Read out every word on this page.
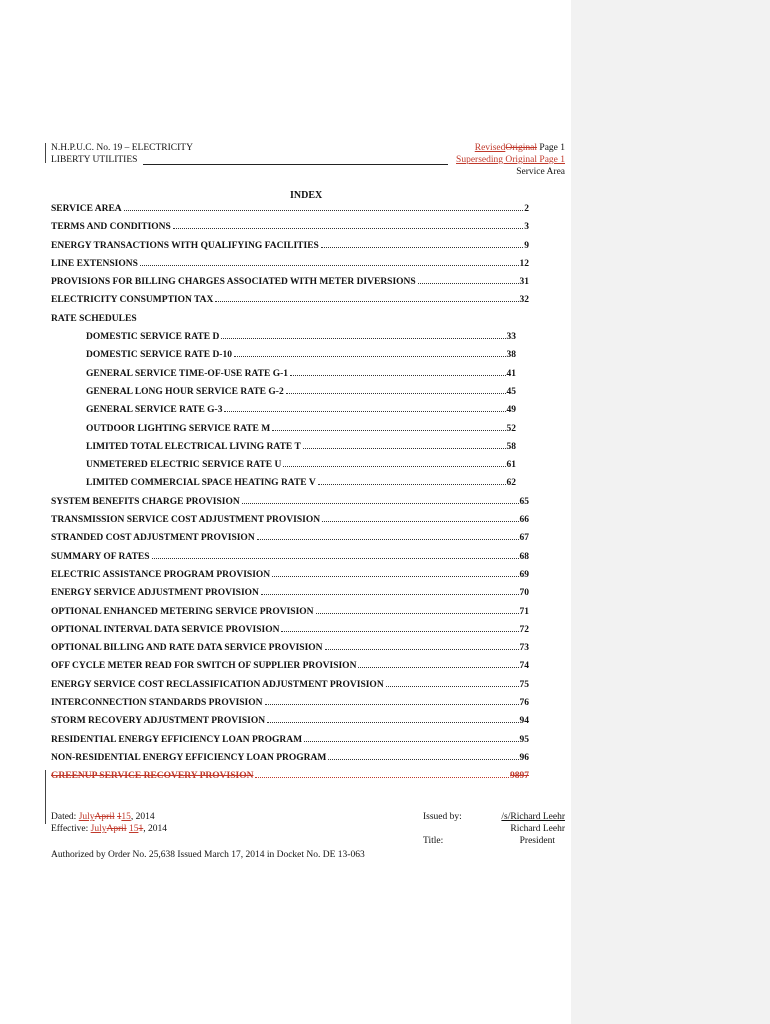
N.H.P.U.C. No. 19 – ELECTRICITY
LIBERTY UTILITIES
RevisedOriginal Page 1
Superseding Original Page 1
Service Area
INDEX
SERVICE AREA	2
TERMS AND CONDITIONS	3
ENERGY TRANSACTIONS WITH QUALIFYING FACILITIES	9
LINE EXTENSIONS	12
PROVISIONS FOR BILLING CHARGES ASSOCIATED WITH METER DIVERSIONS	31
ELECTRICITY CONSUMPTION TAX	32
RATE SCHEDULES
DOMESTIC SERVICE RATE D	33
DOMESTIC SERVICE RATE D-10	38
GENERAL SERVICE TIME-OF-USE RATE G-1	41
GENERAL LONG HOUR SERVICE RATE G-2	45
GENERAL SERVICE RATE G-3	49
OUTDOOR LIGHTING SERVICE RATE M	52
LIMITED TOTAL ELECTRICAL LIVING RATE T	58
UNMETERED ELECTRIC SERVICE RATE U	61
LIMITED COMMERCIAL SPACE HEATING RATE V	62
SYSTEM BENEFITS CHARGE PROVISION	65
TRANSMISSION SERVICE COST ADJUSTMENT PROVISION	66
STRANDED COST ADJUSTMENT PROVISION	67
SUMMARY OF RATES	68
ELECTRIC ASSISTANCE PROGRAM PROVISION	69
ENERGY SERVICE ADJUSTMENT PROVISION	70
OPTIONAL ENHANCED METERING SERVICE PROVISION	71
OPTIONAL INTERVAL DATA SERVICE PROVISION	72
OPTIONAL BILLING AND RATE DATA SERVICE PROVISION	73
OFF CYCLE METER READ FOR SWITCH OF SUPPLIER PROVISION	74
ENERGY SERVICE COST RECLASSIFICATION ADJUSTMENT PROVISION	75
INTERCONNECTION STANDARDS PROVISION	76
STORM RECOVERY ADJUSTMENT PROVISION	94
RESIDENTIAL ENERGY EFFICIENCY LOAN PROGRAM	95
NON-RESIDENTIAL ENERGY EFFICIENCY LOAN PROGRAM	96
GREENUP SERVICE RECOVERY PROVISION	9897
Dated: JulyApril 115, 2014
Effective: JulyApril 151, 2014
Issued by:	/s/Richard Leehr
Richard Leehr
Title:	President
Authorized by Order No. 25,638 Issued March 17, 2014 in Docket No. DE 13-063
